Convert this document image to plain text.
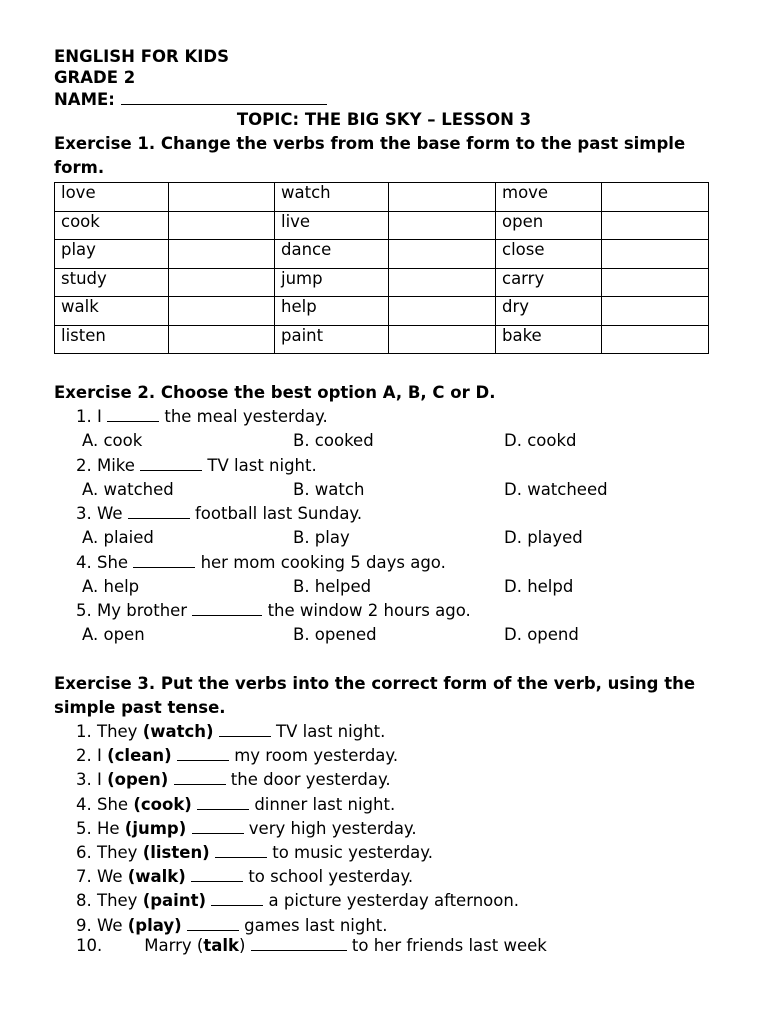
ENGLISH FOR KIDS
GRADE 2
NAME:
TOPIC: THE BIG SKY – LESSON 3
Exercise 1. Change the verbs from the base form to the past simple form.
love		watch		move	
cook		live		open	
play		dance		close	
study		jump		carry	
walk		help		dry	
listen		paint		bake	
Exercise 2. Choose the best option A, B, C or D.
1. I	the meal yesterday.
A. cook	B. cooked	D. cookd
2. Mike	TV last night.
A. watched	B. watch	D. watcheed
3. We	football last Sunday.
A. plaied	B. play	D. played
4. She	her mom cooking 5 days ago.
A. help	B. helped	D. helpd
5. My brother	the window 2 hours ago.
A. open	B. opened	D. opend
Exercise 3. Put the verbs into the correct form of the verb, using the simple past tense.
1. They (watch)	TV last night.
2. I (clean)	my room yesterday.
3. I (open)	the door yesterday.
4. She (cook)	dinner last night.
5. He (jump)	very high yesterday.
6. They (listen)	to music yesterday.
7. We (walk)	to school yesterday.
8. They (paint)	a picture yesterday afternoon.
9. We (play)	games last night.
10.	Marry (talk)	to her friends last week
